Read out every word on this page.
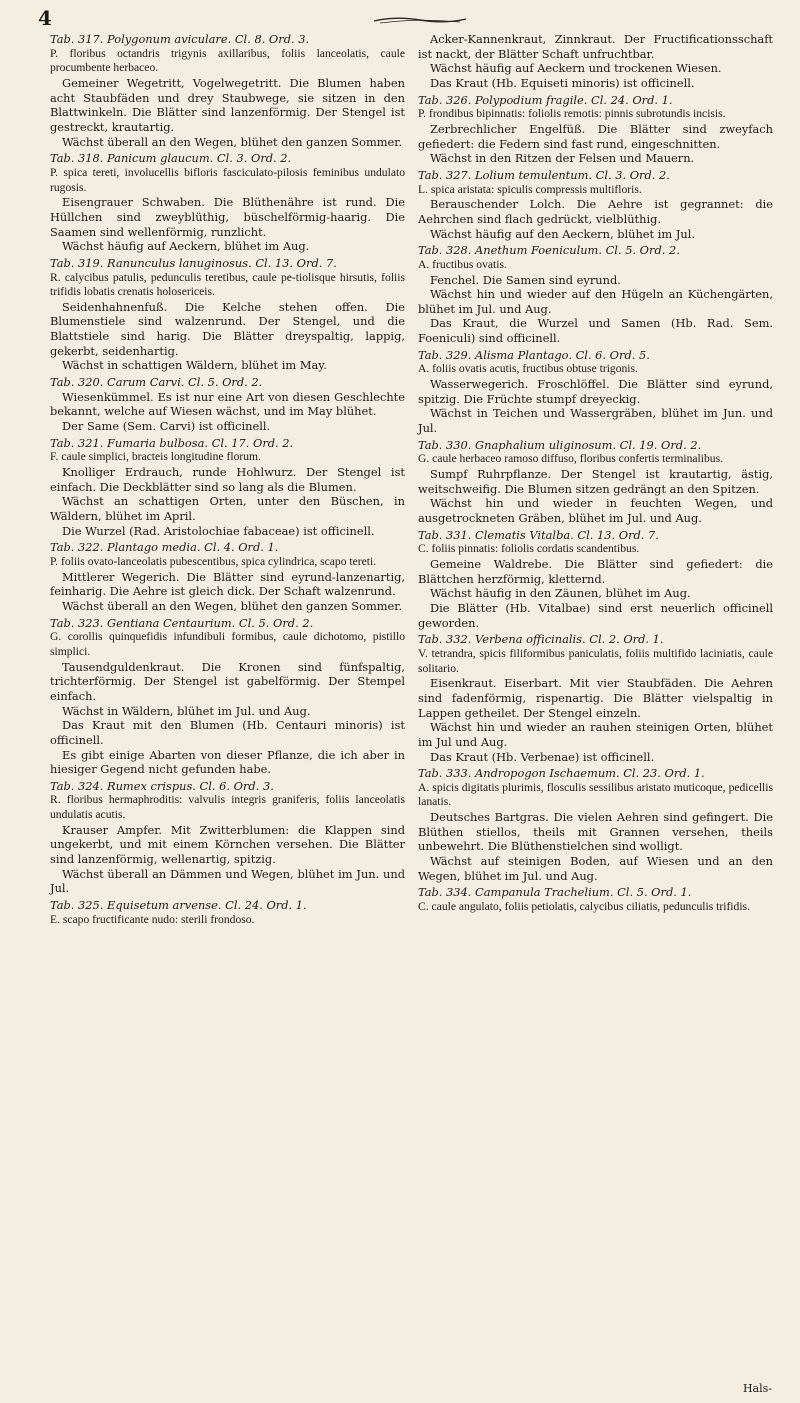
4

Tab. 317. Polygonum aviculare. Cl. 8. Ord. 3.

P. floribus octandris trigynis axillaribus, foliis lanceolatis, caule procumbente herbaceo.

Gemeiner Wegetritt, Vogelwegetritt. Die Blumen haben acht Staubfäden und drey Staubwege, sie sitzen in den Blattwinkeln. Die Blätter sind lanzenförmig. Der Stengel ist gestreckt, krautartig.

Wächst überall an den Wegen, blühet den ganzen Sommer.

Tab. 318. Panicum glaucum. Cl. 3. Ord. 2.

P. spica tereti, involucellis bifloris fasciculato-pilosis feminibus undulato rugosis.

Eisengrauer Schwaben. Die Blüthenähre ist rund. Die Hüllchen sind zweyblüthig, büschelförmig-haarig. Die Saamen sind wellenförmig, runzlicht.

Wächst häufig auf Aeckern, blühet im Aug.

Tab. 319. Ranunculus lanuginosus. Cl. 13. Ord. 7.

R. calycibus patulis, pedunculis teretibus, caule pe-tiolisque hirsutis, foliis trifidis lobatis crenatis holosericeis.

Seidenhahnenfuß. Die Kelche stehen offen. Die Blumenstiele sind walzenrund. Der Stengel, und die Blattstiele sind harig. Die Blätter dreyspaltig, lappig, gekerbt, seidenhartig.

Wächst in schattigen Wäldern, blühet im May.

Tab. 320. Carum Carvi. Cl. 5. Ord. 2.

Wiesenkümmel. Es ist nur eine Art von diesen Geschlechte bekannt, welche auf Wiesen wächst, und im May blühet.

Der Same (Sem. Carvi) ist officinell.

Tab. 321. Fumaria bulbosa. Cl. 17. Ord. 2.

F. caule simplici, bracteis longitudine florum.

Knolliger Erdrauch, runde Hohlwurz. Der Stengel ist einfach. Die Deckblätter sind so lang als die Blumen.

Wächst an schattigen Orten, unter den Büschen, in Wäldern, blühet im April.

Die Wurzel (Rad. Aristolochiae fabaceae) ist officinell.

Tab. 322. Plantago media. Cl. 4. Ord. 1.

P. foliis ovato-lanceolatis pubescentibus, spica cylindrica, scapo tereti.

Mittlerer Wegerich. Die Blätter sind eyrund-lanzenartig, feinharig. Die Aehre ist gleich dick. Der Schaft walzenrund.

Wächst überall an den Wegen, blühet den ganzen Sommer.

Tab. 323. Gentiana Centaurium. Cl. 5. Ord. 2.

G. corollis quinquefidis infundibuli formibus, caule dichotomo, pistillo simplici.

Tausendguldenkraut. Die Kronen sind fünfspaltig, trichterförmig. Der Stengel ist gabelförmig. Der Stempel einfach.

Wächst in Wäldern, blühet im Jul. und Aug.

Das Kraut mit den Blumen (Hb. Centauri minoris) ist officinell.

Es gibt einige Abarten von dieser Pflanze, die ich aber in hiesiger Gegend nicht gefunden habe.

Tab. 324. Rumex crispus. Cl. 6. Ord. 3.

R. floribus hermaphroditis: valvulis integris graniferis, foliis lanceolatis undulatis acutis.

Krauser Ampfer. Mit Zwitterblumen: die Klappen sind ungekerbt, und mit einem Körnchen versehen. Die Blätter sind lanzenförmig, wellenartig, spitzig.

Wächst überall an Dämmen und Wegen, blühet im Jun. und Jul.

Tab. 325. Equisetum arvense. Cl. 24. Ord. 1.

E. scapo fructificante nudo: sterili frondoso.

Acker-Kannenkraut, Zinnkraut. Der Fructificationsschaft ist nackt, der Blätter Schaft unfruchtbar.

Wächst häufig auf Aeckern und trockenen Wiesen.

Das Kraut (Hb. Equiseti minoris) ist officinell.

Tab. 326. Polypodium fragile. Cl. 24. Ord. 1.

P. frondibus bipinnatis: foliolis remotis: pinnis subrotundis incisis.

Zerbrechlicher Engelfüß. Die Blätter sind zweyfach gefiedert: die Federn sind fast rund, eingeschnitten.

Wächst in den Ritzen der Felsen und Mauern.

Tab. 327. Lolium temulentum. Cl. 3. Ord. 2.

L. spica aristata: spiculis compressis multifloris.

Berauschender Lolch. Die Aehre ist gegrannet: die Aehrchen sind flach gedrückt, vielblüthig.

Wächst häufig auf den Aeckern, blühet im Jul.

Tab. 328. Anethum Foeniculum. Cl. 5. Ord. 2.

A. fructibus ovatis.

Fenchel. Die Samen sind eyrund.

Wächst hin und wieder auf den Hügeln an Küchengärten, blühet im Jul. und Aug.

Das Kraut, die Wurzel und Samen (Hb. Rad. Sem. Foeniculi) sind officinell.

Tab. 329. Alisma Plantago. Cl. 6. Ord. 5.

A. foliis ovatis acutis, fructibus obtuse trigonis.

Wasserwegerich. Froschlöffel. Die Blätter sind eyrund, spitzig. Die Früchte stumpf dreyeckig.

Wächst in Teichen und Wassergräben, blühet im Jun. und Jul.

Tab. 330. Gnaphalium uliginosum. Cl. 19. Ord. 2.

G. caule herbaceo ramoso diffuso, floribus confertis terminalibus.

Sumpf Ruhrpflanze. Der Stengel ist krautartig, ästig, weitschweifig. Die Blumen sitzen gedrängt an den Spitzen.

Wächst hin und wieder in feuchten Wegen, und ausgetrockneten Gräben, blühet im Jul. und Aug.

Tab. 331. Clematis Vitalba. Cl. 13. Ord. 7.

C. foliis pinnatis: foliolis cordatis scandentibus.

Gemeine Waldrebe. Die Blätter sind gefiedert: die Blättchen herzförmig, kletternd.

Wächst häufig in den Zäunen, blühet im Aug.

Die Blätter (Hb. Vitalbae) sind erst neuerlich officinell geworden.

Tab. 332. Verbena officinalis. Cl. 2. Ord. 1.

V. tetrandra, spicis filiformibus paniculatis, foliis multifido laciniatis, caule solitario.

Eisenkraut. Eiserbart. Mit vier Staubfäden. Die Aehren sind fadenförmig, rispenartig. Die Blätter vielspaltig in Lappen getheilet. Der Stengel einzeln.

Wächst hin und wieder an rauhen steinigen Orten, blühet im Jul und Aug.

Das Kraut (Hb. Verbenae) ist officinell.

Tab. 333. Andropogon Ischaemum. Cl. 23. Ord. 1.

A. spicis digitatis plurimis, flosculis sessilibus aristato muticoque, pedicellis lanatis.

Deutsches Bartgras. Die vielen Aehren sind gefingert. Die Blüthen stiellos, theils mit Grannen versehen, theils unbewehrt. Die Blüthenstielchen sind wolligt.

Wächst auf steinigen Boden, auf Wiesen und an den Wegen, blühet im Jul. und Aug.

Tab. 334. Campanula Trachelium. Cl. 5. Ord. 1.

C. caule angulato, foliis petiolatis, calycibus ciliatis, pedunculis trifidis.

Hals-
